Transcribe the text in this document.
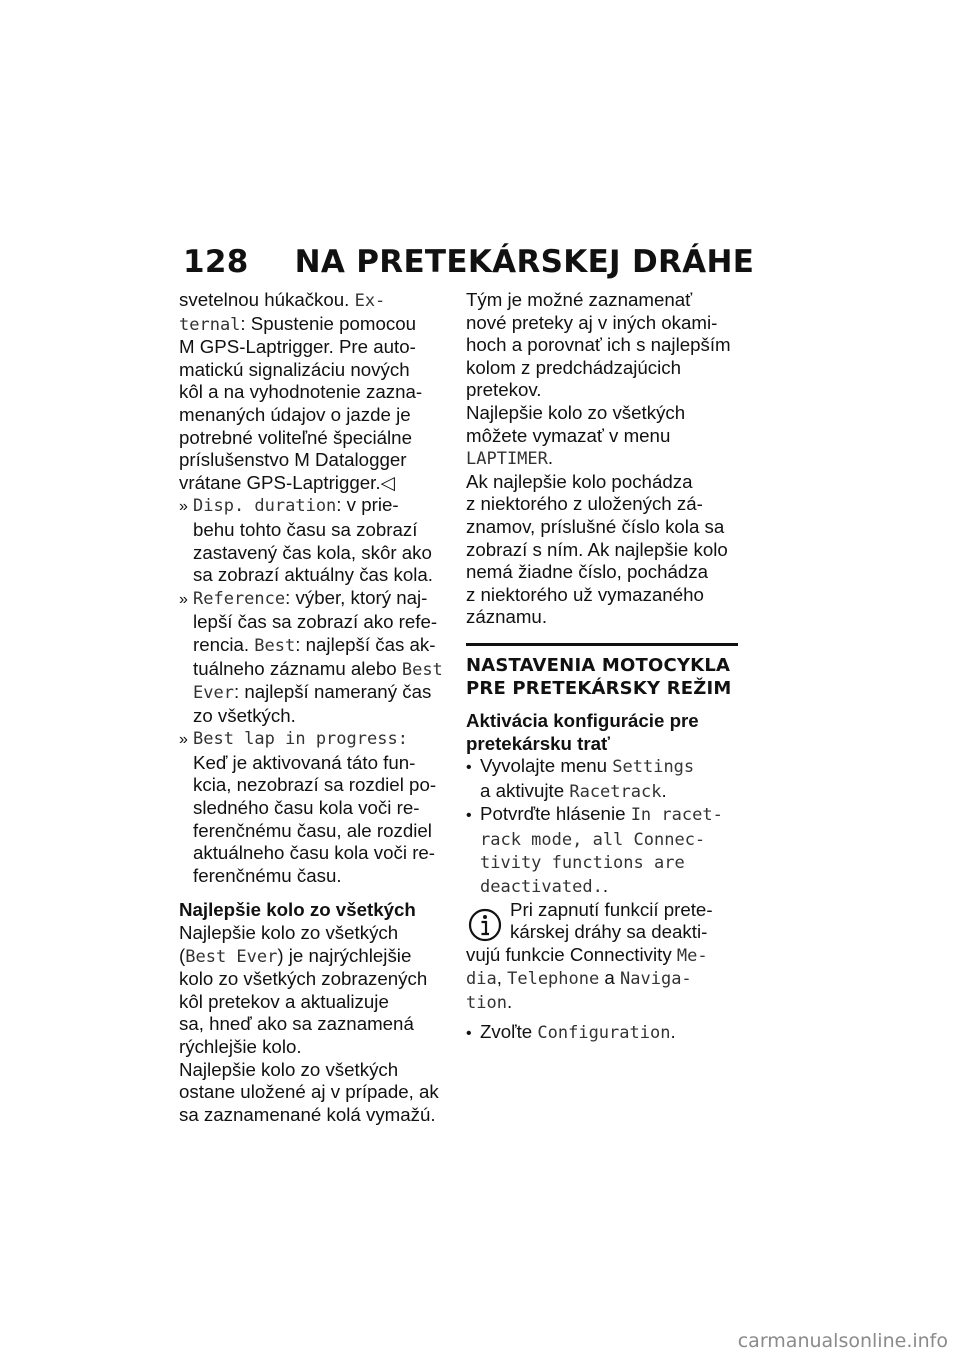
128 NA PRETEKÁRSKEJ DRÁHE
svetelnou húkačkou. Ex-
ternal: Spustenie pomocou
M GPS-Laptrigger. Pre auto-
matickú signalizáciu nových
kôl a na vyhodnotenie zazna-
menaných údajov o jazde je
potrebné voliteľné špeciálne
príslušenstvo M Datalogger
vrátane GPS-Laptrigger.◁
» Disp. duration: v prie-
behu tohto času sa zobrazí
zastavený čas kola, skôr ako
sa zobrazí aktuálny čas kola.
» Reference: výber, ktorý naj-
lepší čas sa zobrazí ako refe-
rencia. Best: najlepší čas ak-
tuálneho záznamu alebo Best
Ever: najlepší nameraný čas
zo všetkých.
» Best lap in progress:
Keď je aktivovaná táto fun-
kcia, nezobrazí sa rozdiel po-
sledného času kola voči re-
ferenčnému času, ale rozdiel
aktuálneho času kola voči re-
ferenčnému času.
Najlepšie kolo zo všetkých
Najlepšie kolo zo všetkých
(Best Ever) je najrýchlejšie
kolo zo všetkých zobrazených
kôl pretekov a aktualizuje
sa, hneď ako sa zaznamená
rýchlejšie kolo.
Najlepšie kolo zo všetkých
ostane uložené aj v prípade, ak
sa zaznamenané kolá vymažú.
Tým je možné zaznamenať
nové preteky aj v iných okami-
hoch a porovnať ich s najlepším
kolom z predchádzajúcich
pretekov.
Najlepšie kolo zo všetkých
môžete vymazať v menu
LAPTIMER.
Ak najlepšie kolo pochádza
z niektorého z uložených zá-
znamov, príslušné číslo kola sa
zobrazí s ním. Ak najlepšie kolo
nemá žiadne číslo, pochádza
z niektorého už vymazaného
záznamu.
NASTAVENIA MOTOCYKLA
PRE PRETEKÁRSKY REŽIM
Aktivácia konfigurácie pre
pretekársku trať
• Vyvolajte menu Settings
a aktivujte Racetrack.
• Potvrďte hlásenie In racet-
rack mode, all Connec-
tivity functions are
deactivated..
Pri zapnutí funkcií prete-
kárskej dráhy sa deakti-
vujú funkcie Connectivity Me-
dia, Telephone a Naviga-
tion.
• Zvoľte Configuration.
carmanualsonline.info
